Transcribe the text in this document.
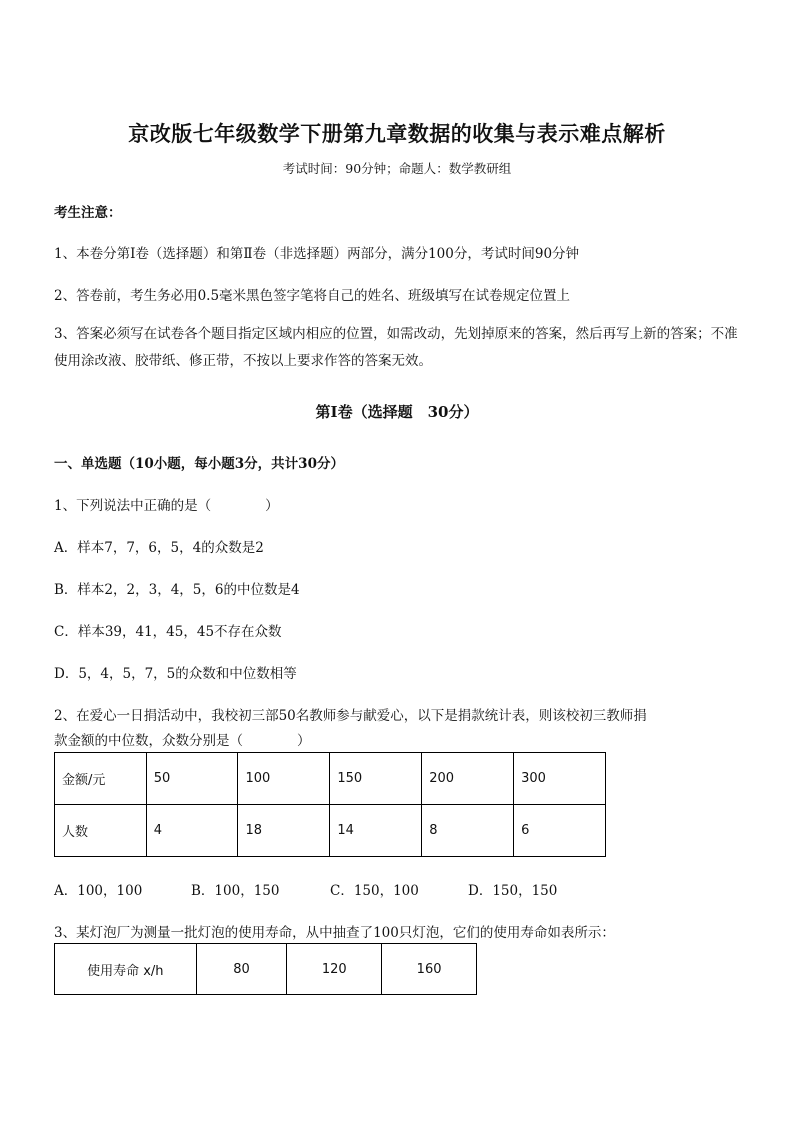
京改版七年级数学下册第九章数据的收集与表示难点解析
考试时间：90分钟；命题人：数学教研组
考生注意：
1、本卷分第Ⅰ卷（选择题）和第Ⅱ卷（非选择题）两部分，满分100分，考试时间90分钟
2、答卷前，考生务必用0.5毫米黑色签字笔将自己的姓名、班级填写在试卷规定位置上
3、答案必须写在试卷各个题目指定区域内相应的位置，如需改动，先划掉原来的答案，然后再写上新的答案；不准使用涂改液、胶带纸、修正带，不按以上要求作答的答案无效。
第Ⅰ卷（选择题　30分）
一、单选题（10小题，每小题3分，共计30分）
1、下列说法中正确的是（　　　　）
A．样本7，7，6，5，4的众数是2
B．样本2，2，3，4，5，6的中位数是4
C．样本39，41，45，45不存在众数
D．5，4，5，7，5的众数和中位数相等
2、在爱心一日捐活动中，我校初三部50名教师参与献爱心，以下是捐款统计表，则该校初三教师捐
款金额的中位数，众数分别是（　　　　）
金额/元	50	100	150	200	300
人数	4	18	14	8	6
A．100，100	B．100，150	C．150，100	D．150，150
3、某灯泡厂为测量一批灯泡的使用寿命，从中抽查了100只灯泡，它们的使用寿命如表所示：
使用寿命 x/h	80	120	160
